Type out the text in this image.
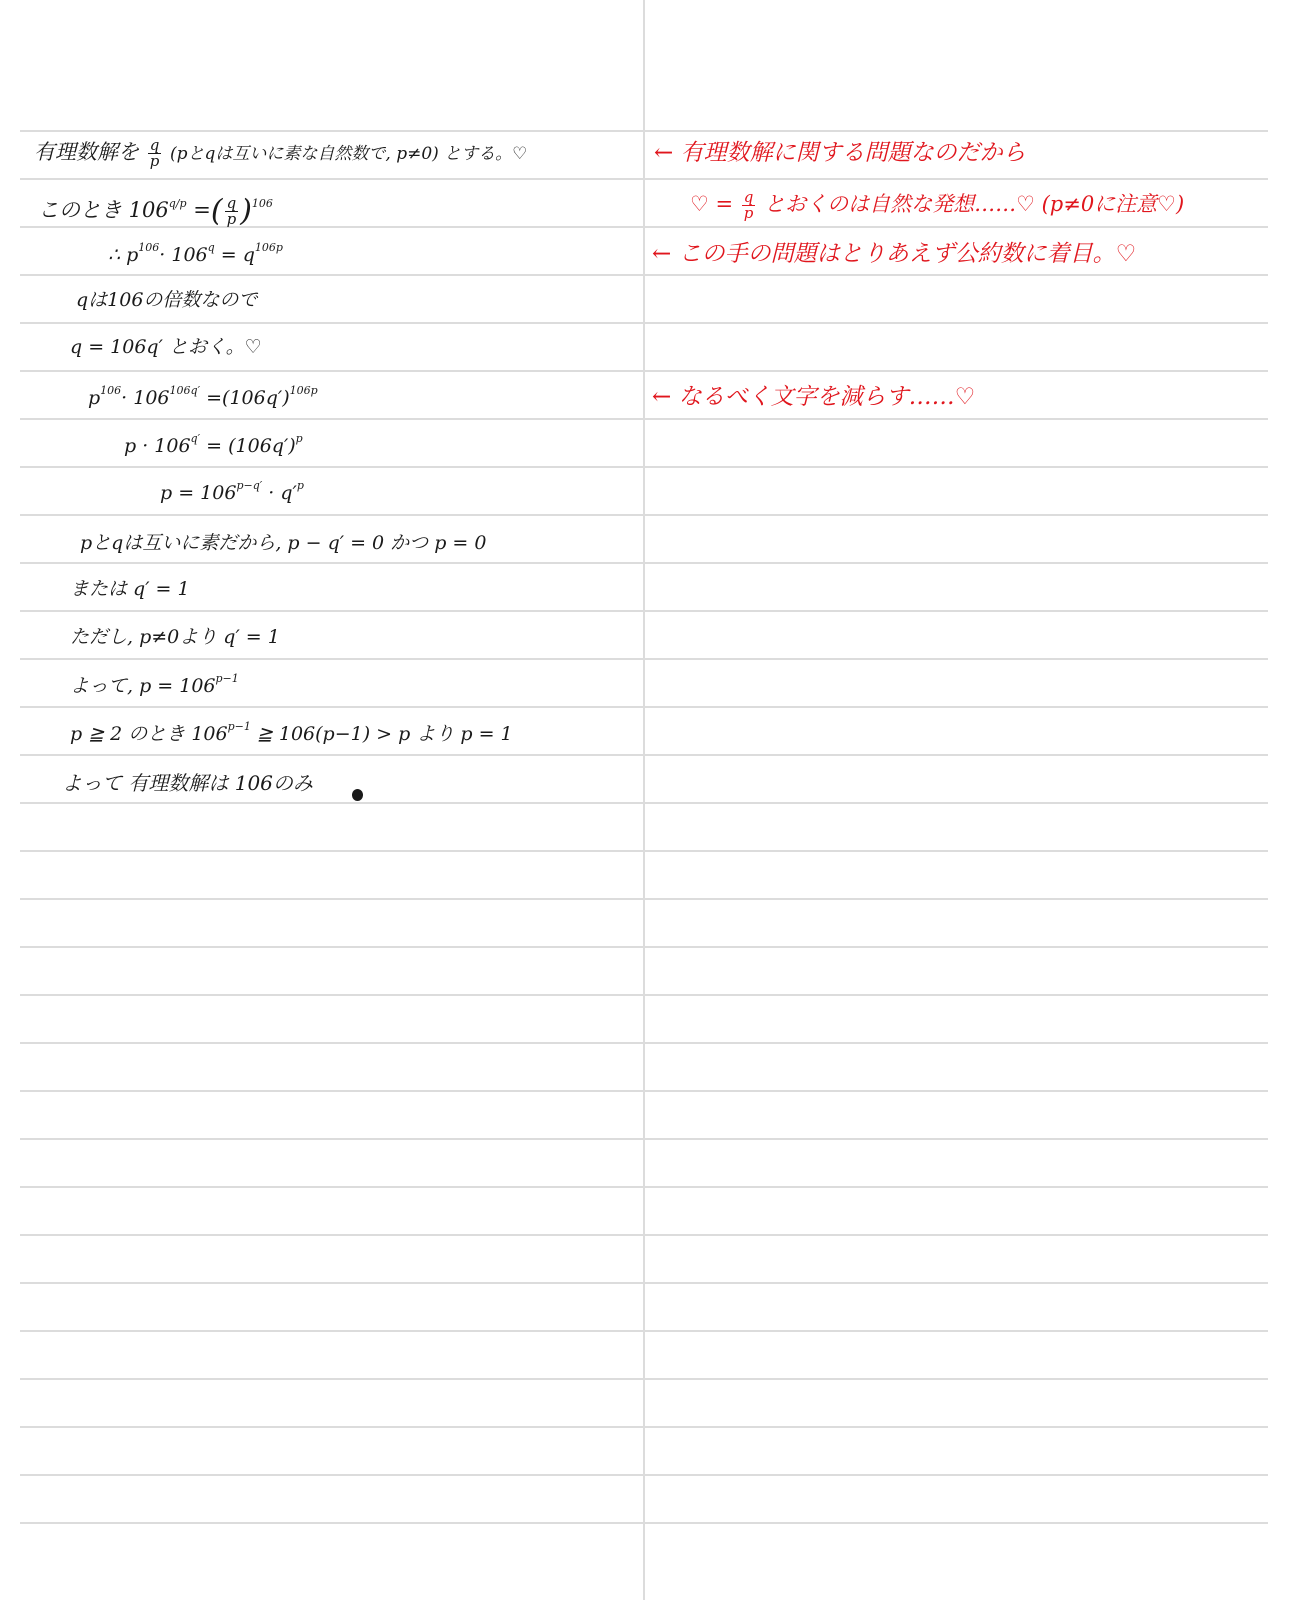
有理数解を $\frac{q}{p} (p$とqは互いに素な自然数で, p≠0) とする。♡
このとき $106^{q/p}$ =( $\frac{q}{p} )^{106}$
∴ $p^{106}\cdot 106^q = q^{106p}$
qは106の倍数なので
q = 106q′ とおく。♡
$p^{106}\cdot 106^{106q'} =(106q')^{106p}$
$p \cdot 106^{q'} = (106q')^p$
$p = 106^{p-q'} \cdot q'^p$
pとqは互いに素だから, p − q′ = 0 かつ p = 0
または q′ = 1
ただし, p≠0より q′ = 1
よって, $p = 106^{p-1}$
p ≧ 2 のとき $106^{p-1}$ ≧ 106(p−1) > p より p = 1
よって 有理数解は 106のみ
← 有理数解に関する問題なのだから
♡ = $\frac{q}{p}$ とおくのは自然な発想……♡ (p≠0に注意♡)
← この手の問題はとりあえず公約数に着目。♡
← なるべく文字を減らす……♡
